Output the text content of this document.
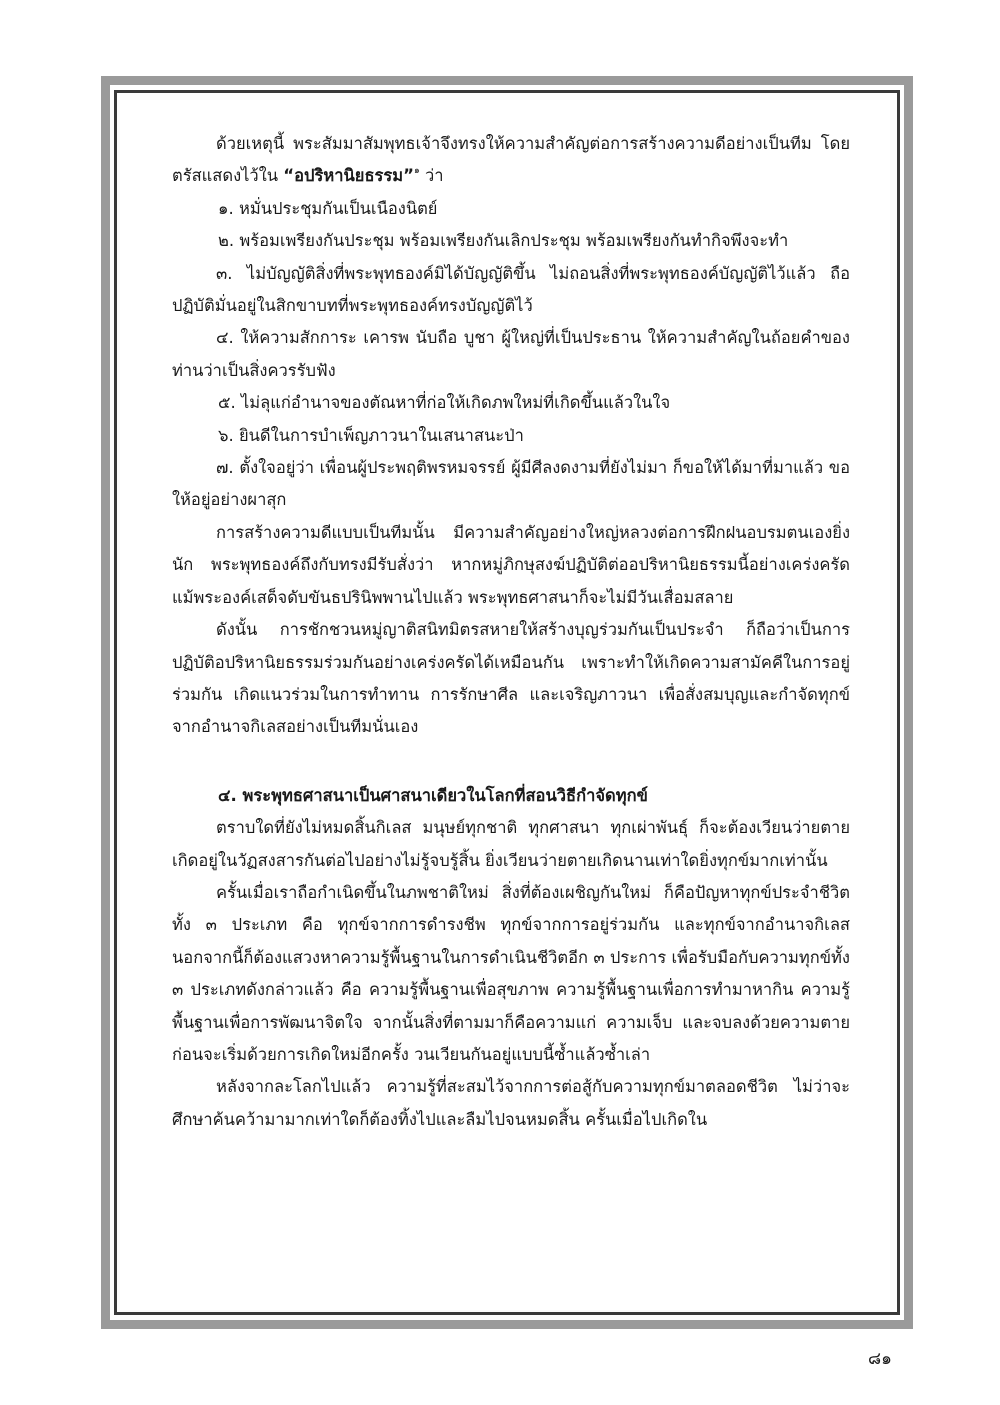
ด้วยเหตุนี้ พระสัมมาสัมพุทธเจ้าจึงทรงให้ความสำคัญต่อการสร้างความดีอย่างเป็นทีม โดยตรัสแสดงไว้ใน “อปริหานิยธรรม”$^๑$ ว่า

๑. หมั่นประชุมกันเป็นเนืองนิตย์

๒. พร้อมเพรียงกันประชุม พร้อมเพรียงกันเลิกประชุม พร้อมเพรียงกันทำกิจพึงจะทำ

๓. ไม่บัญญัติสิ่งที่พระพุทธองค์มิได้บัญญัติขึ้น ไม่ถอนสิ่งที่พระพุทธองค์บัญญัติไว้แล้ว ถือปฏิบัติมั่นอยู่ในสิกขาบทที่พระพุทธองค์ทรงบัญญัติไว้

๔. ให้ความสักการะ เคารพ นับถือ บูชา ผู้ใหญ่ที่เป็นประธาน ให้ความสำคัญในถ้อยคำของท่านว่าเป็นสิ่งควรรับฟัง

๕. ไม่ลุแก่อำนาจของตัณหาที่ก่อให้เกิดภพใหม่ที่เกิดขึ้นแล้วในใจ

๖. ยินดีในการบำเพ็ญภาวนาในเสนาสนะป่า

๗. ตั้งใจอยู่ว่า เพื่อนผู้ประพฤติพรหมจรรย์ ผู้มีศีลงดงามที่ยังไม่มา ก็ขอให้ได้มาที่มาแล้ว ขอให้อยู่อย่างผาสุก

การสร้างความดีแบบเป็นทีมนั้น มีความสำคัญอย่างใหญ่หลวงต่อการฝึกฝนอบรมตนเองยิ่งนัก พระพุทธองค์ถึงกับทรงมีรับสั่งว่า หากหมู่ภิกษุสงฆ์ปฏิบัติต่ออปริหานิยธรรมนี้อย่างเคร่งครัด แม้พระองค์เสด็จดับขันธปรินิพพานไปแล้ว พระพุทธศาสนาก็จะไม่มีวันเสื่อมสลาย

ดังนั้น การชักชวนหมู่ญาติสนิทมิตรสหายให้สร้างบุญร่วมกันเป็นประจำ ก็ถือว่าเป็นการปฏิบัติอปริหานิยธรรมร่วมกันอย่างเคร่งครัดได้เหมือนกัน เพราะทำให้เกิดความสามัคคีในการอยู่ร่วมกัน เกิดแนวร่วมในการทำทาน การรักษาศีล และเจริญภาวนา เพื่อสั่งสมบุญและกำจัดทุกข์จากอำนาจกิเลสอย่างเป็นทีมนั่นเอง

๔. พระพุทธศาสนาเป็นศาสนาเดียวในโลกที่สอนวิธีกำจัดทุกข์

ตราบใดที่ยังไม่หมดสิ้นกิเลส มนุษย์ทุกชาติ ทุกศาสนา ทุกเผ่าพันธุ์ ก็จะต้องเวียนว่ายตายเกิดอยู่ในวัฏสงสารกันต่อไปอย่างไม่รู้จบรู้สิ้น ยิ่งเวียนว่ายตายเกิดนานเท่าใดยิ่งทุกข์มากเท่านั้น

ครั้นเมื่อเราถือกำเนิดขึ้นในภพชาติใหม่ สิ่งที่ต้องเผชิญกันใหม่ ก็คือปัญหาทุกข์ประจำชีวิตทั้ง ๓ ประเภท คือ ทุกข์จากการดำรงชีพ ทุกข์จากการอยู่ร่วมกัน และทุกข์จากอำนาจกิเลส นอกจากนี้ก็ต้องแสวงหาความรู้พื้นฐานในการดำเนินชีวิตอีก ๓ ประการ เพื่อรับมือกับความทุกข์ทั้ง ๓ ประเภทดังกล่าวแล้ว คือ ความรู้พื้นฐานเพื่อสุขภาพ ความรู้พื้นฐานเพื่อการทำมาหากิน ความรู้พื้นฐานเพื่อการพัฒนาจิตใจ จากนั้นสิ่งที่ตามมาก็คือความแก่ ความเจ็บ และจบลงด้วยความตาย ก่อนจะเริ่มด้วยการเกิดใหม่อีกครั้ง วนเวียนกันอยู่แบบนี้ซ้ำแล้วซ้ำเล่า

หลังจากละโลกไปแล้ว ความรู้ที่สะสมไว้จากการต่อสู้กับความทุกข์มาตลอดชีวิต ไม่ว่าจะศึกษาค้นคว้ามามากเท่าใดก็ต้องทิ้งไปและลืมไปจนหมดสิ้น ครั้นเมื่อไปเกิดใน

๘๑
